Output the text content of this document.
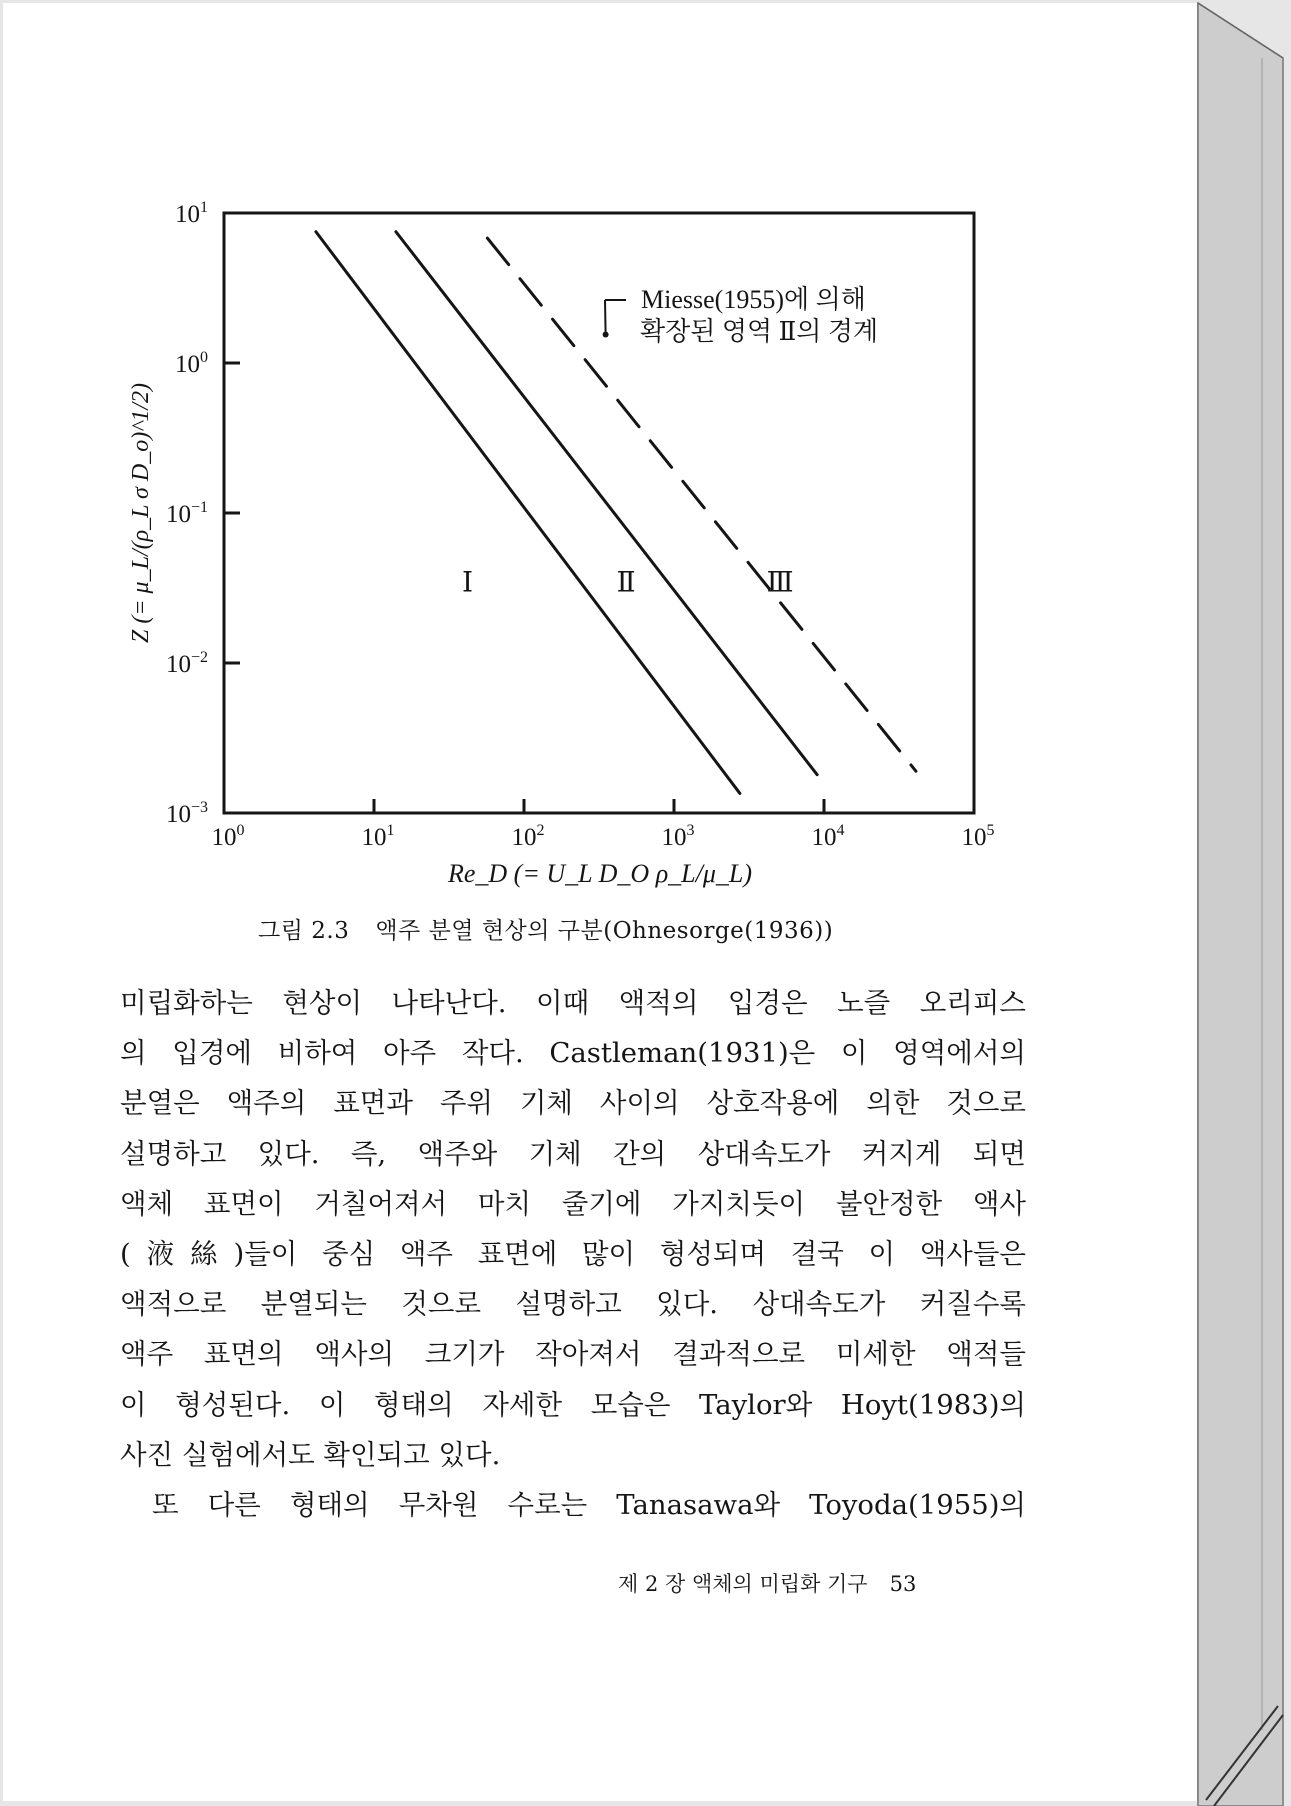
$10^{-3}$
$10^{-2}$
$10^{-1}$
$10^0$
$10^1$
$10^0$	$10^1$	$10^2$	$10^3$	$10^4$	$10^5$
Ⅰ	Ⅱ	Ⅲ
Miesse(1955)에 의해
확장된 영역 Ⅱ의 경계
Z (= μ_L/(ρ_L σ D_o)^1/2)
Re_D (= U_L D_O ρ_L/μ_L)
그림 2.3 액주 분열 현상의 구분(Ohnesorge(1936))

미립화하는 현상이 나타난다. 이때 액적의 입경은 노즐 오리피스
의 입경에 비하여 아주 작다. Castleman(1931)은 이 영역에서의
분열은 액주의 표면과 주위 기체 사이의 상호작용에 의한 것으로
설명하고 있다. 즉, 액주와 기체 간의 상대속도가 커지게 되면
액체 표면이 거칠어져서 마치 줄기에 가지치듯이 불안정한 액사
(液絲)들이 중심 액주 표면에 많이 형성되며 결국 이 액사들은
액적으로 분열되는 것으로 설명하고 있다. 상대속도가 커질수록
액주 표면의 액사의 크기가 작아져서 결과적으로 미세한 액적들
이 형성된다. 이 형태의 자세한 모습은 Taylor와 Hoyt(1983)의
사진 실험에서도 확인되고 있다.
또 다른 형태의 무차원 수로는 Tanasawa와 Toyoda(1955)의

제 2 장 액체의 미립화 기구 53
